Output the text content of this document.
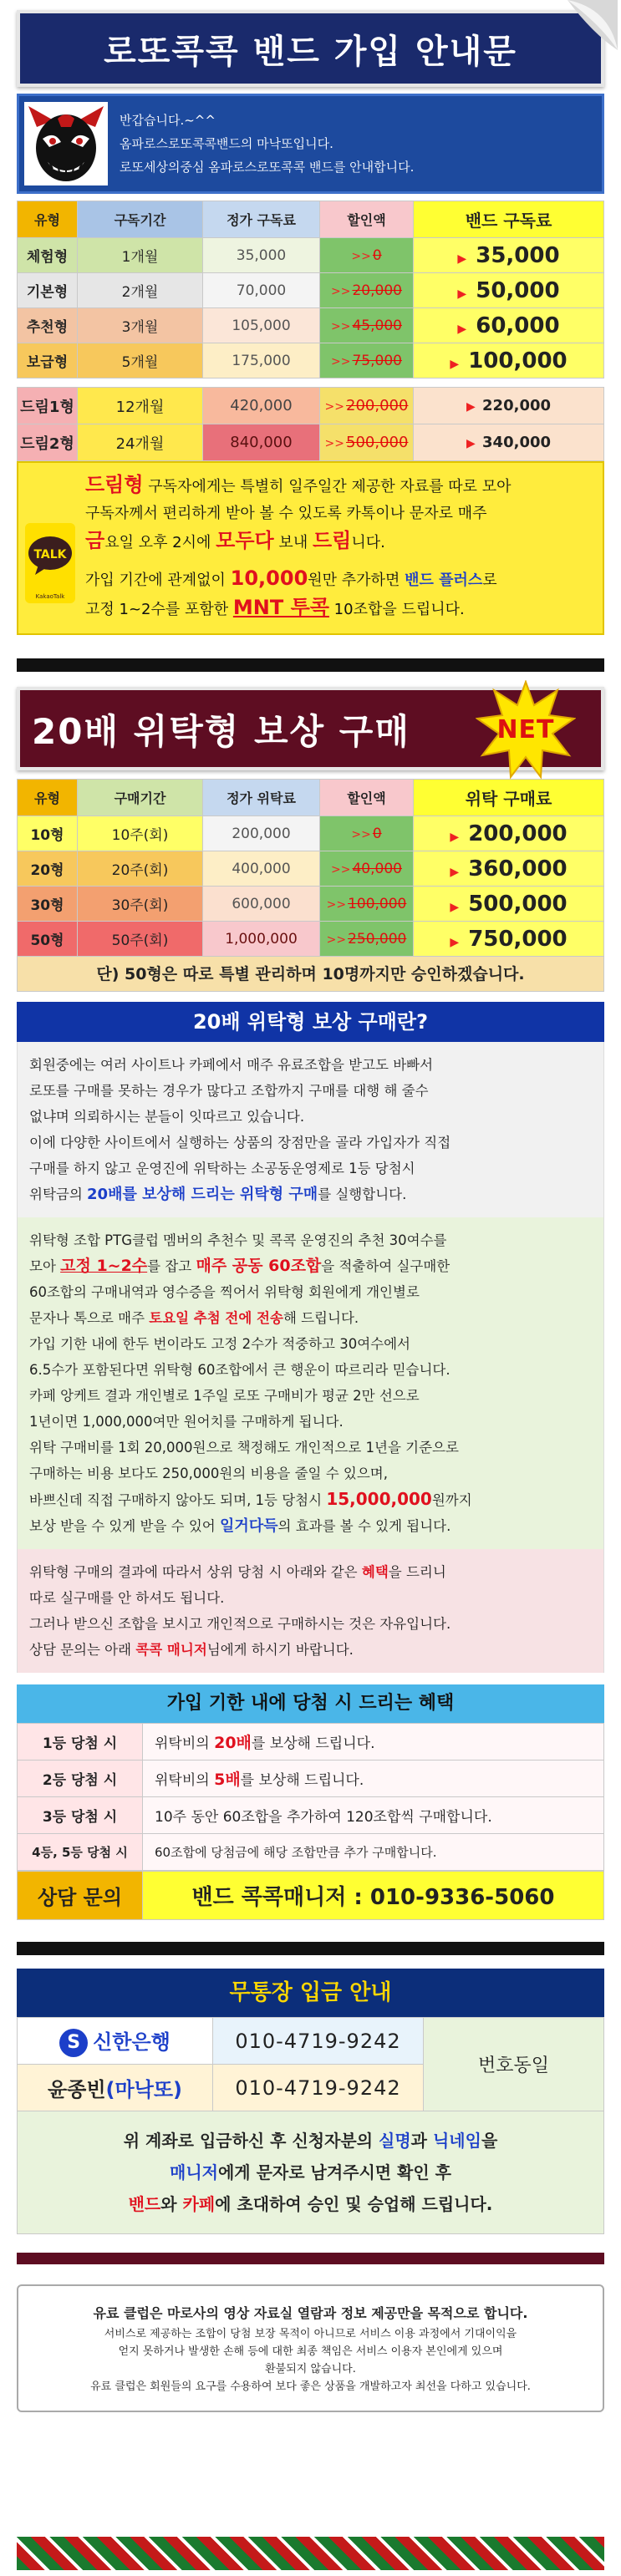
로또콕콕 밴드 가입 안내문
반갑습니다.~^^
옴파로스로또콕콕밴드의 마낙또입니다.
로또세상의중심 옴파로스로또콕콕 밴드를 안내합니다.
유형	구독기간	정가 구독료	할인액	밴드 구독료
체험형	1개월	35,000	>> 0	▶ 35,000
기본형	2개월	70,000	>> 20,000	▶ 50,000
추천형	3개월	105,000	>> 45,000	▶ 60,000
보급형	5개월	175,000	>> 75,000	▶ 100,000
드림1형	12개월	420,000	>> 200,000	▶ 220,000
드림2형	24개월	840,000	>> 500,000	▶ 340,000
TALK
KakaoTalk
드림형 구독자에게는 특별히 일주일간 제공한 자료를 따로 모아
구독자께서 편리하게 받아 볼 수 있도록 카톡이나 문자로 매주
금요일 오후 2시에 모두다 보내 드림니다.
가입 기간에 관계없이 10,000원만 추가하면 밴드 플러스로
고정 1~2수를 포함한 MNT 투콕 10조합을 드립니다.
20배 위탁형 보상 구매	NET
유형	구매기간	정가 위탁료	할인액	위탁 구매료
10형	10주(회)	200,000	>> 0	▶ 200,000
20형	20주(회)	400,000	>> 40,000	▶ 360,000
30형	30주(회)	600,000	>> 100,000	▶ 500,000
50형	50주(회)	1,000,000	>> 250,000	▶ 750,000
단) 50형은 따로 특별 관리하며 10명까지만 승인하겠습니다.
20배 위탁형 보상 구매란?
회원중에는 여러 사이트나 카페에서 매주 유료조합을 받고도 바빠서
로또를 구매를 못하는 경우가 많다고 조합까지 구매를 대행 해 줄수
없냐며 의뢰하시는 분들이 잇따르고 있습니다.
이에 다양한 사이트에서 실행하는 상품의 장점만을 골라 가입자가 직접
구매를 하지 않고 운영진에 위탁하는 소공동운영제로 1등 당첨시
위탁금의 20배를 보상해 드리는 위탁형 구매를 실행합니다.
위탁형 조합 PTG클럽 멤버의 추천수 및 콕콕 운영진의 추천 30여수를
모아 고정 1~2수를 잡고 매주 공동 60조합을 적출하여 실구매한
60조합의 구매내역과 영수증을 찍어서 위탁형 회원에게 개인별로
문자나 톡으로 매주 토요일 추첨 전에 전송해 드립니다.
가입 기한 내에 한두 번이라도 고정 2수가 적중하고 30여수에서
6.5수가 포함된다면 위탁형 60조합에서 큰 행운이 따르리라 믿습니다.
카페 앙케트 결과 개인별로 1주일 로또 구매비가 평균 2만 선으로
1년이면 1,000,000여만 원어치를 구매하게 됩니다.
위탁 구매비를 1회 20,000원으로 책정해도 개인적으로 1년을 기준으로
구매하는 비용 보다도 250,000원의 비용을 줄일 수 있으며,
바쁘신데 직접 구매하지 않아도 되며, 1등 당첨시 15,000,000원까지
보상 받을 수 있게 받을 수 있어 일거다득의 효과를 볼 수 있게 됩니다.
위탁형 구매의 결과에 따라서 상위 당첨 시 아래와 같은 혜택을 드리니
따로 실구매를 안 하셔도 됩니다.
그러나 받으신 조합을 보시고 개인적으로 구매하시는 것은 자유입니다.
상담 문의는 아래 콕콕 매니저님에게 하시기 바랍니다.
가입 기한 내에 당첨 시 드리는 혜택
1등 당첨 시	위탁비의 20배를 보상해 드립니다.
2등 당첨 시	위탁비의 5배를 보상해 드립니다.
3등 당첨 시	10주 동안 60조합을 추가하여 120조합씩 구매합니다.
4등, 5등 당첨 시	60조합에 당첨금에 해당 조합만큼 추가 구매합니다.
상담 문의	밴드 콕콕매니저 : 010-9336-5060
무통장 입금 안내
S 신한은행	010-4719-9242	번호동일
윤종빈(마낙또)	010-4719-9242	
위 계좌로 입금하신 후 신청자분의 실명과 닉네임을
매니저에게 문자로 남겨주시면 확인 후
밴드와 카페에 초대하여 승인 및 승업해 드립니다.
유료 클럽은 마로사의 영상 자료실 열람과 정보 제공만을 목적으로 합니다.
서비스로 제공하는 조합이 당첨 보장 목적이 아니므로 서비스 이용 과정에서 기대이익을
얻지 못하거나 발생한 손해 등에 대한 최종 책임은 서비스 이용자 본인에게 있으며
환불되지 않습니다.
유료 클럽은 회원들의 요구를 수용하여 보다 좋은 상품을 개발하고자 최선을 다하고 있습니다.
